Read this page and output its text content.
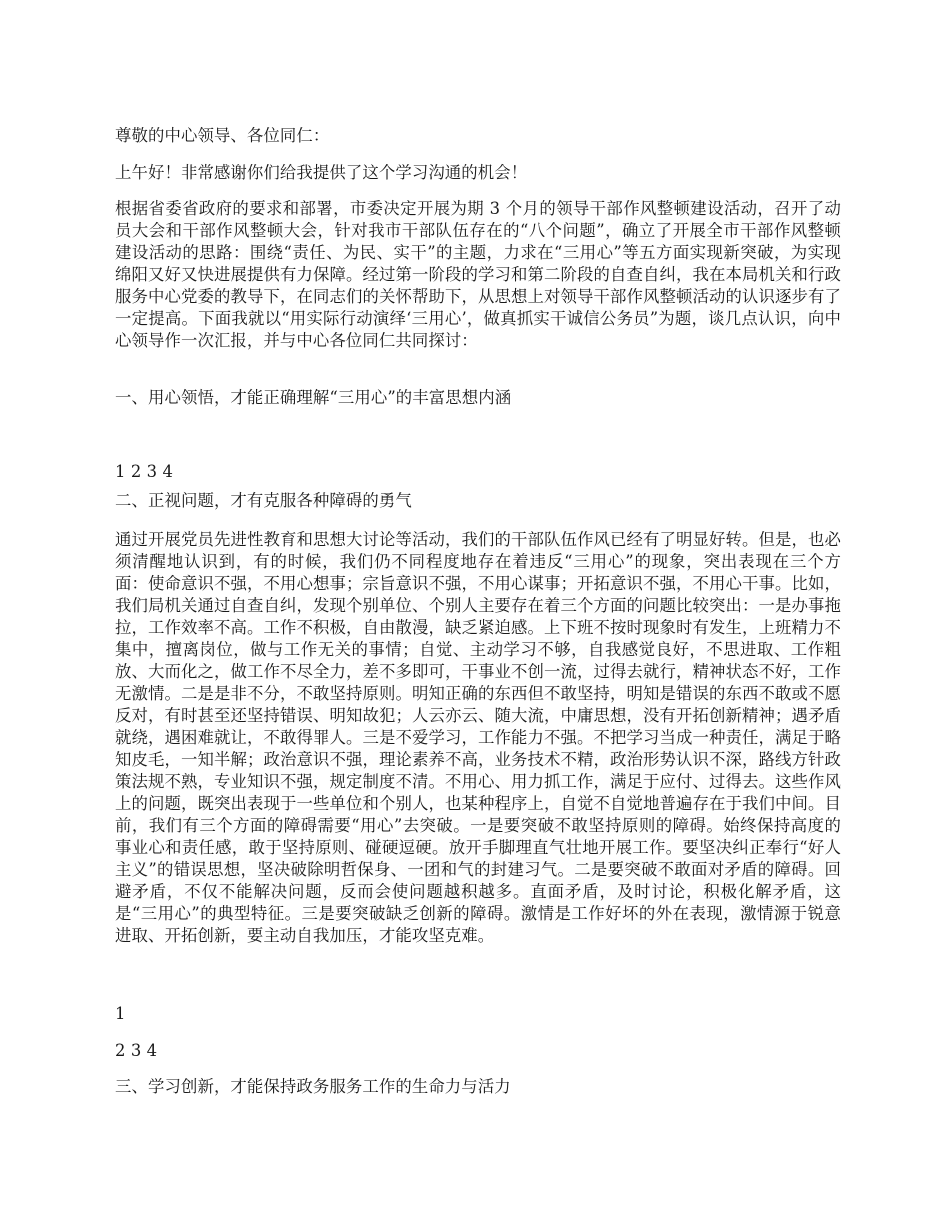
尊敬的中心领导、各位同仁：

上午好！非常感谢你们给我提供了这个学习沟通的机会！

根据省委省政府的要求和部署，市委决定开展为期 3 个月的领导干部作风整顿建设活动，召开了动员大会和干部作风整顿大会，针对我市干部队伍存在的“八个问题”，确立了开展全市干部作风整顿建设活动的思路：围绕“责任、为民、实干”的主题，力求在“三用心”等五方面实现新突破，为实现绵阳又好又快进展提供有力保障。经过第一阶段的学习和第二阶段的自查自纠，我在本局机关和行政服务中心党委的教导下，在同志们的关怀帮助下，从思想上对领导干部作风整顿活动的认识逐步有了一定提高。下面我就以“用实际行动演绎‘三用心’，做真抓实干诚信公务员”为题，谈几点认识，向中心领导作一次汇报，并与中心各位同仁共同探讨：

一、用心领悟，才能正确理解“三用心”的丰富思想内涵

1 2 3 4

二、正视问题，才有克服各种障碍的勇气

通过开展党员先进性教育和思想大讨论等活动，我们的干部队伍作风已经有了明显好转。但是，也必须清醒地认识到，有的时候，我们仍不同程度地存在着违反“三用心”的现象，突出表现在三个方面：使命意识不强，不用心想事；宗旨意识不强，不用心谋事；开拓意识不强，不用心干事。比如，我们局机关通过自查自纠，发现个别单位、个别人主要存在着三个方面的问题比较突出：一是办事拖拉，工作效率不高。工作不积极，自由散漫，缺乏紧迫感。上下班不按时现象时有发生，上班精力不集中，擅离岗位，做与工作无关的事情；自觉、主动学习不够，自我感觉良好，不思进取、工作粗放、大而化之，做工作不尽全力，差不多即可，干事业不创一流，过得去就行，精神状态不好，工作无激情。二是是非不分，不敢坚持原则。明知正确的东西但不敢坚持，明知是错误的东西不敢或不愿反对，有时甚至还坚持错误、明知故犯；人云亦云、随大流，中庸思想，没有开拓创新精神；遇矛盾就绕，遇困难就让，不敢得罪人。三是不爱学习，工作能力不强。不把学习当成一种责任，满足于略知皮毛，一知半解；政治意识不强，理论素养不高，业务技术不精，政治形势认识不深，路线方针政策法规不熟，专业知识不强，规定制度不清。不用心、用力抓工作，满足于应付、过得去。这些作风上的问题，既突出表现于一些单位和个别人，也某种程序上，自觉不自觉地普遍存在于我们中间。目前，我们有三个方面的障碍需要“用心”去突破。一是要突破不敢坚持原则的障碍。始终保持高度的事业心和责任感，敢于坚持原则、碰硬逗硬。放开手脚理直气壮地开展工作。要坚决纠正奉行“好人主义”的错误思想，坚决破除明哲保身、一团和气的封建习气。二是要突破不敢面对矛盾的障碍。回避矛盾，不仅不能解决问题，反而会使问题越积越多。直面矛盾，及时讨论，积极化解矛盾，这是“三用心”的典型特征。三是要突破缺乏创新的障碍。激情是工作好坏的外在表现，激情源于锐意进取、开拓创新，要主动自我加压，才能攻坚克难。

1

2 3 4

三、学习创新，才能保持政务服务工作的生命力与活力
